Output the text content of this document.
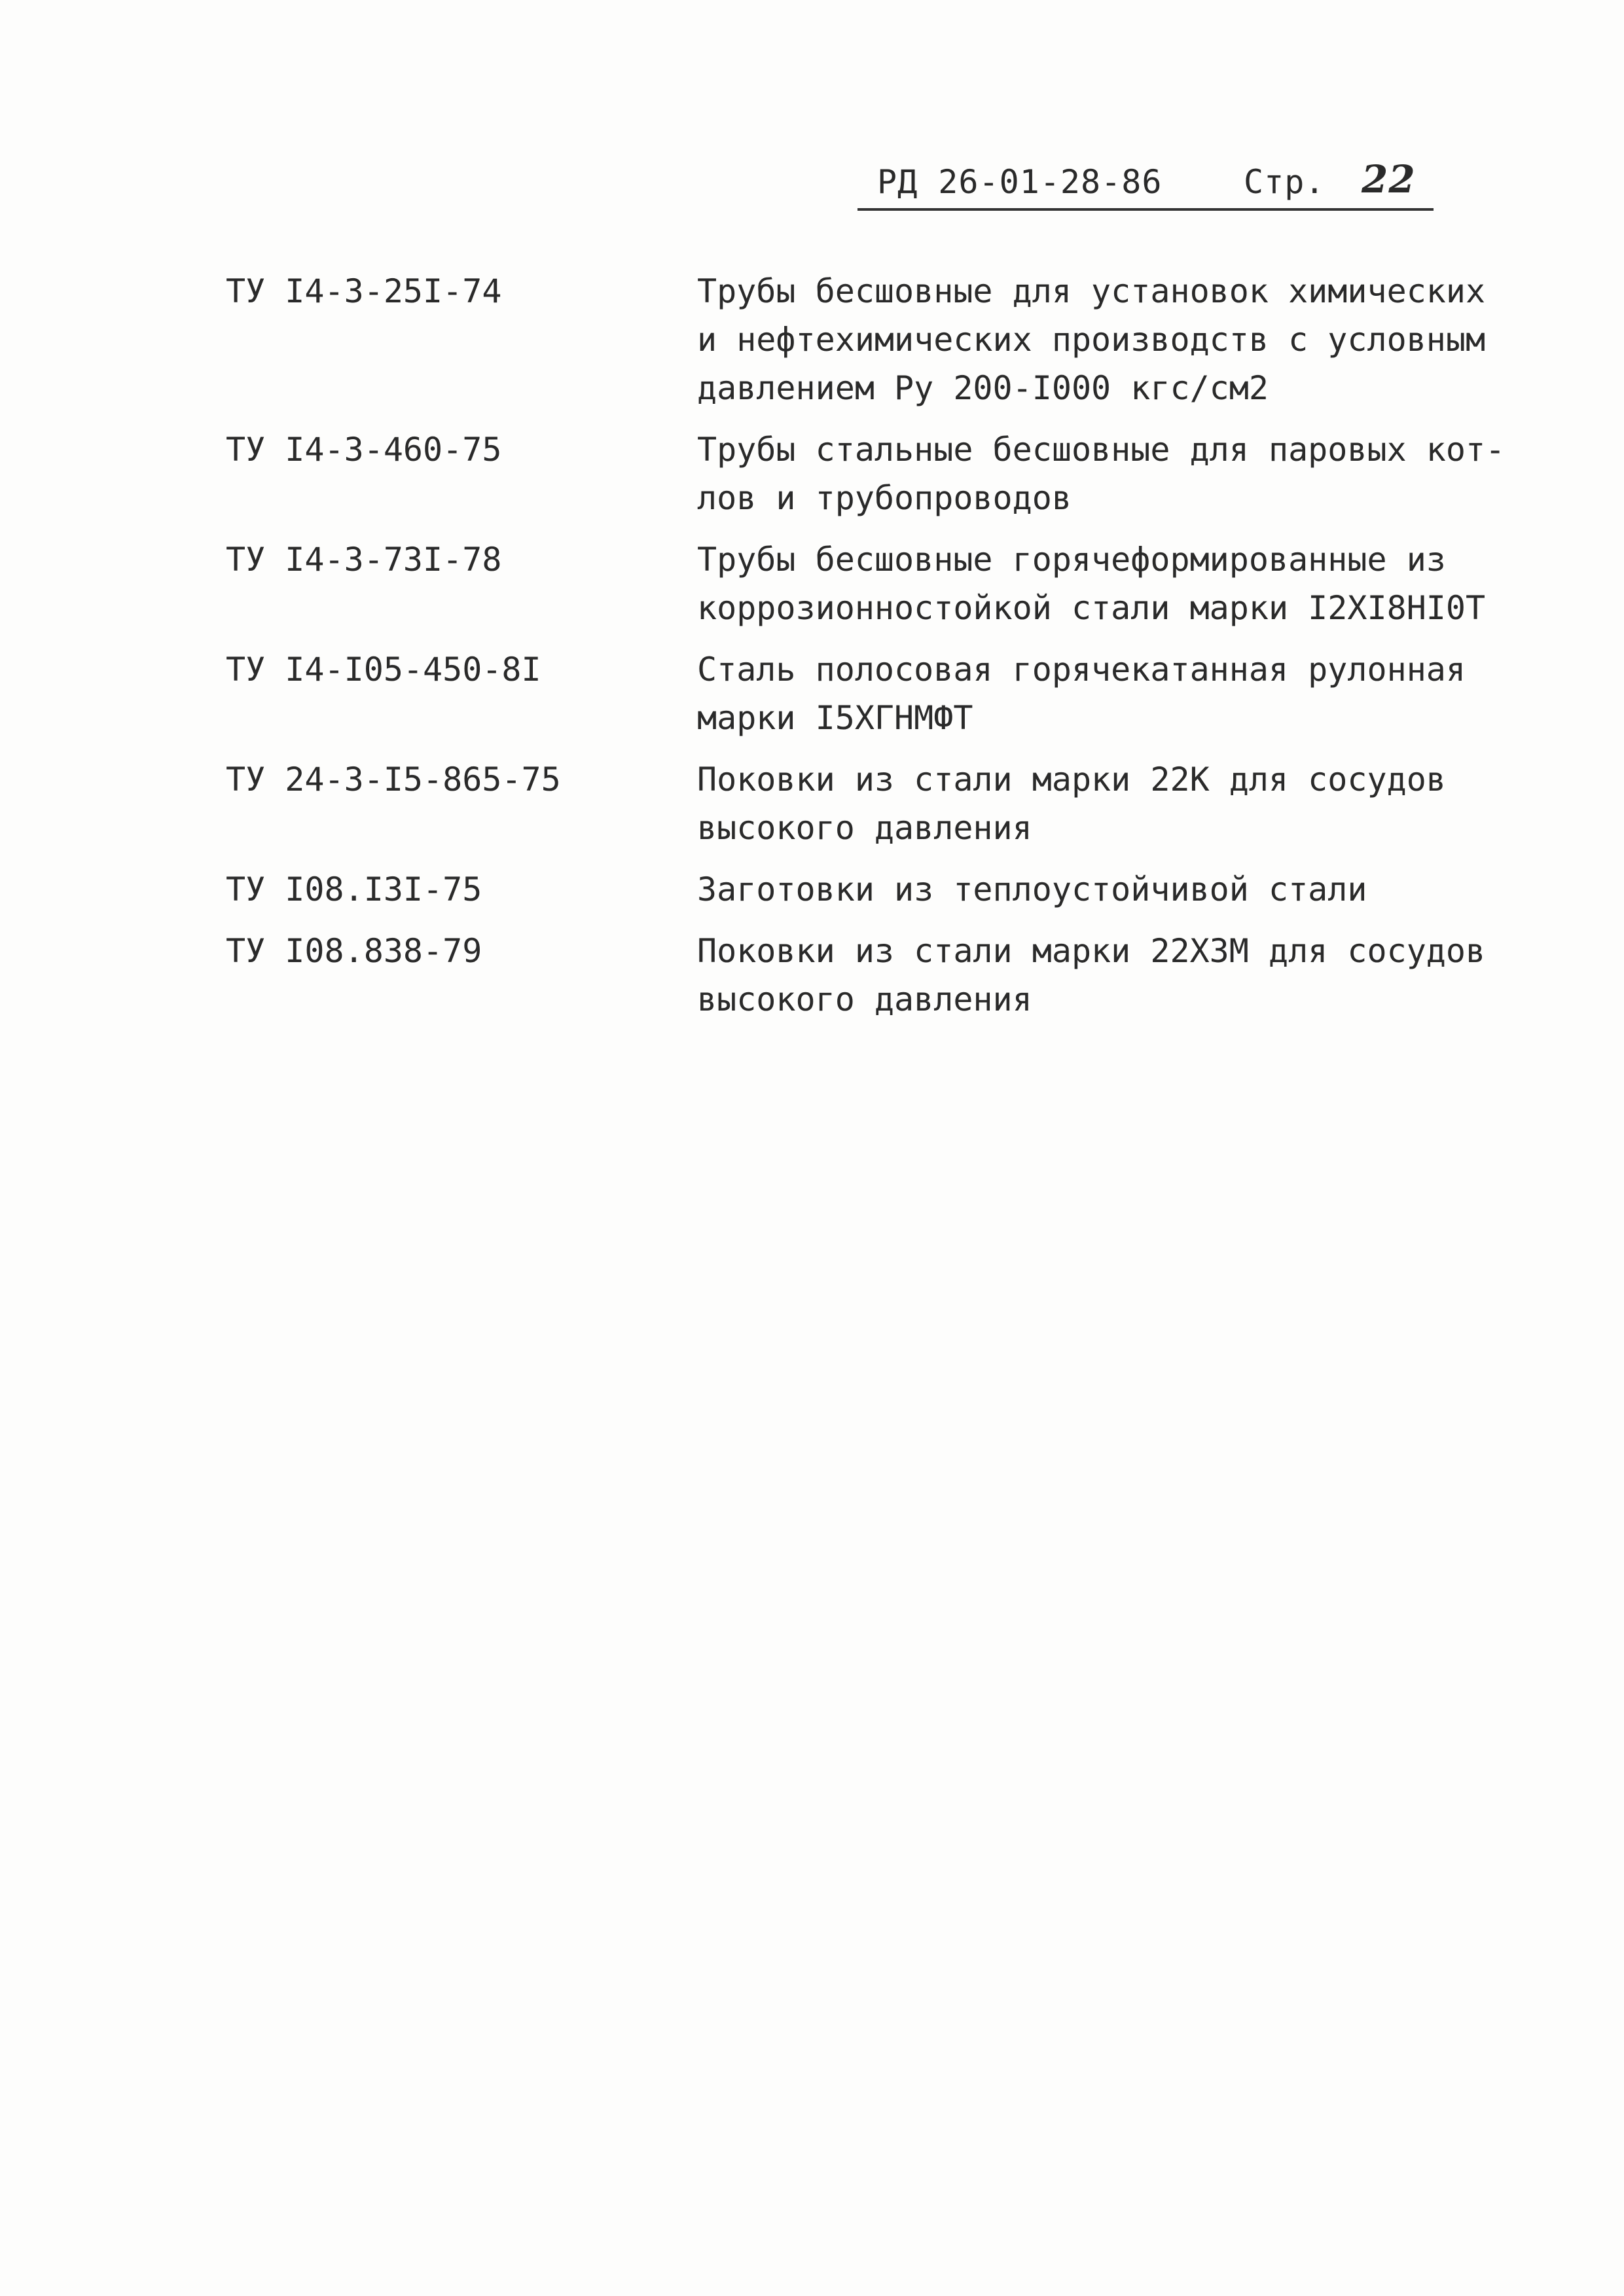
РД 26-01-28-86 Стр. 22
ТУ I4-3-25I-74	Трубы бесшовные для установок химических
и нефтехимических производств с условным
давлением Ру 200-I000 кгс/см2
ТУ I4-3-460-75	Трубы стальные бесшовные для паровых кот-
лов и трубопроводов
ТУ I4-3-73I-78	Трубы бесшовные горячеформированные из
коррозионностойкой стали марки I2XI8HI0T
ТУ I4-I05-450-8I	Сталь полосовая горячекатанная рулонная
марки I5XГНМФТ
ТУ 24-3-I5-865-75	Поковки из стали марки 22К для сосудов
высокого давления
ТУ I08.I3I-75	Заготовки из теплоустойчивой стали
ТУ I08.838-79	Поковки из стали марки 22Х3М для сосудов
высокого давления
